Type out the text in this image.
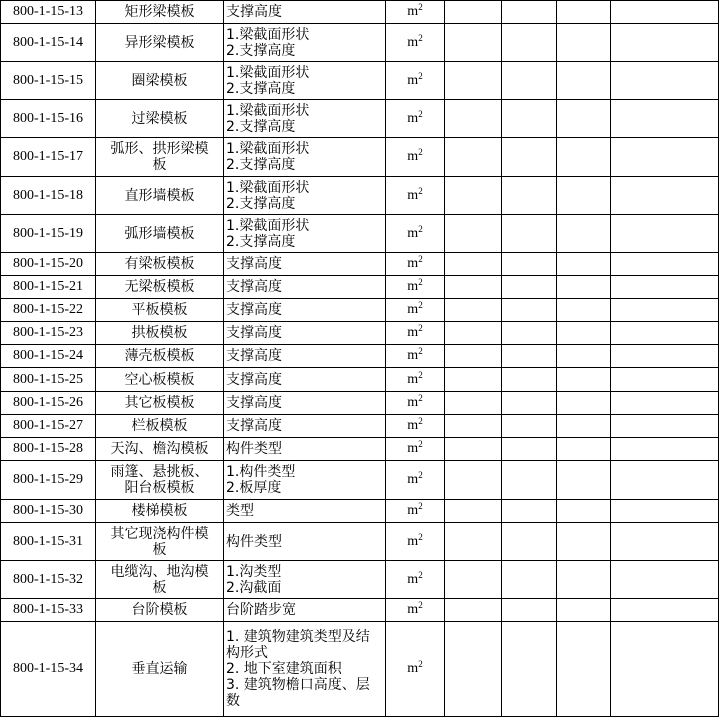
800-1-15-13	矩形梁模板	支撑高度	$m^2$				
800-1-15-14	异形梁模板	1.梁截面形状
2.支撑高度	$m^2$				
800-1-15-15	圈梁模板	1.梁截面形状
2.支撑高度	$m^2$				
800-1-15-16	过梁模板	1.梁截面形状
2.支撑高度	$m^2$				
800-1-15-17	弧形、拱形梁模
板	1.梁截面形状
2.支撑高度	$m^2$				
800-1-15-18	直形墙模板	1.梁截面形状
2.支撑高度	$m^2$				
800-1-15-19	弧形墙模板	1.梁截面形状
2.支撑高度	$m^2$				
800-1-15-20	有梁板模板	支撑高度	$m^2$				
800-1-15-21	无梁板模板	支撑高度	$m^2$				
800-1-15-22	平板模板	支撑高度	$m^2$				
800-1-15-23	拱板模板	支撑高度	$m^2$				
800-1-15-24	薄壳板模板	支撑高度	$m^2$				
800-1-15-25	空心板模板	支撑高度	$m^2$				
800-1-15-26	其它板模板	支撑高度	$m^2$				
800-1-15-27	栏板模板	支撑高度	$m^2$				
800-1-15-28	天沟、檐沟模板	构件类型	$m^2$				
800-1-15-29	雨篷、悬挑板、
阳台板模板	1.构件类型
2.板厚度	$m^2$				
800-1-15-30	楼梯模板	类型	$m^2$				
800-1-15-31	其它现浇构件模
板	构件类型	$m^2$				
800-1-15-32	电缆沟、地沟模
板	1.沟类型
2.沟截面	$m^2$				
800-1-15-33	台阶模板	台阶踏步宽	$m^2$				
800-1-15-34	垂直运输	1. 建筑物建筑类型及结
构形式
2. 地下室建筑面积
3. 建筑物檐口高度、层
数	$m^2$				
